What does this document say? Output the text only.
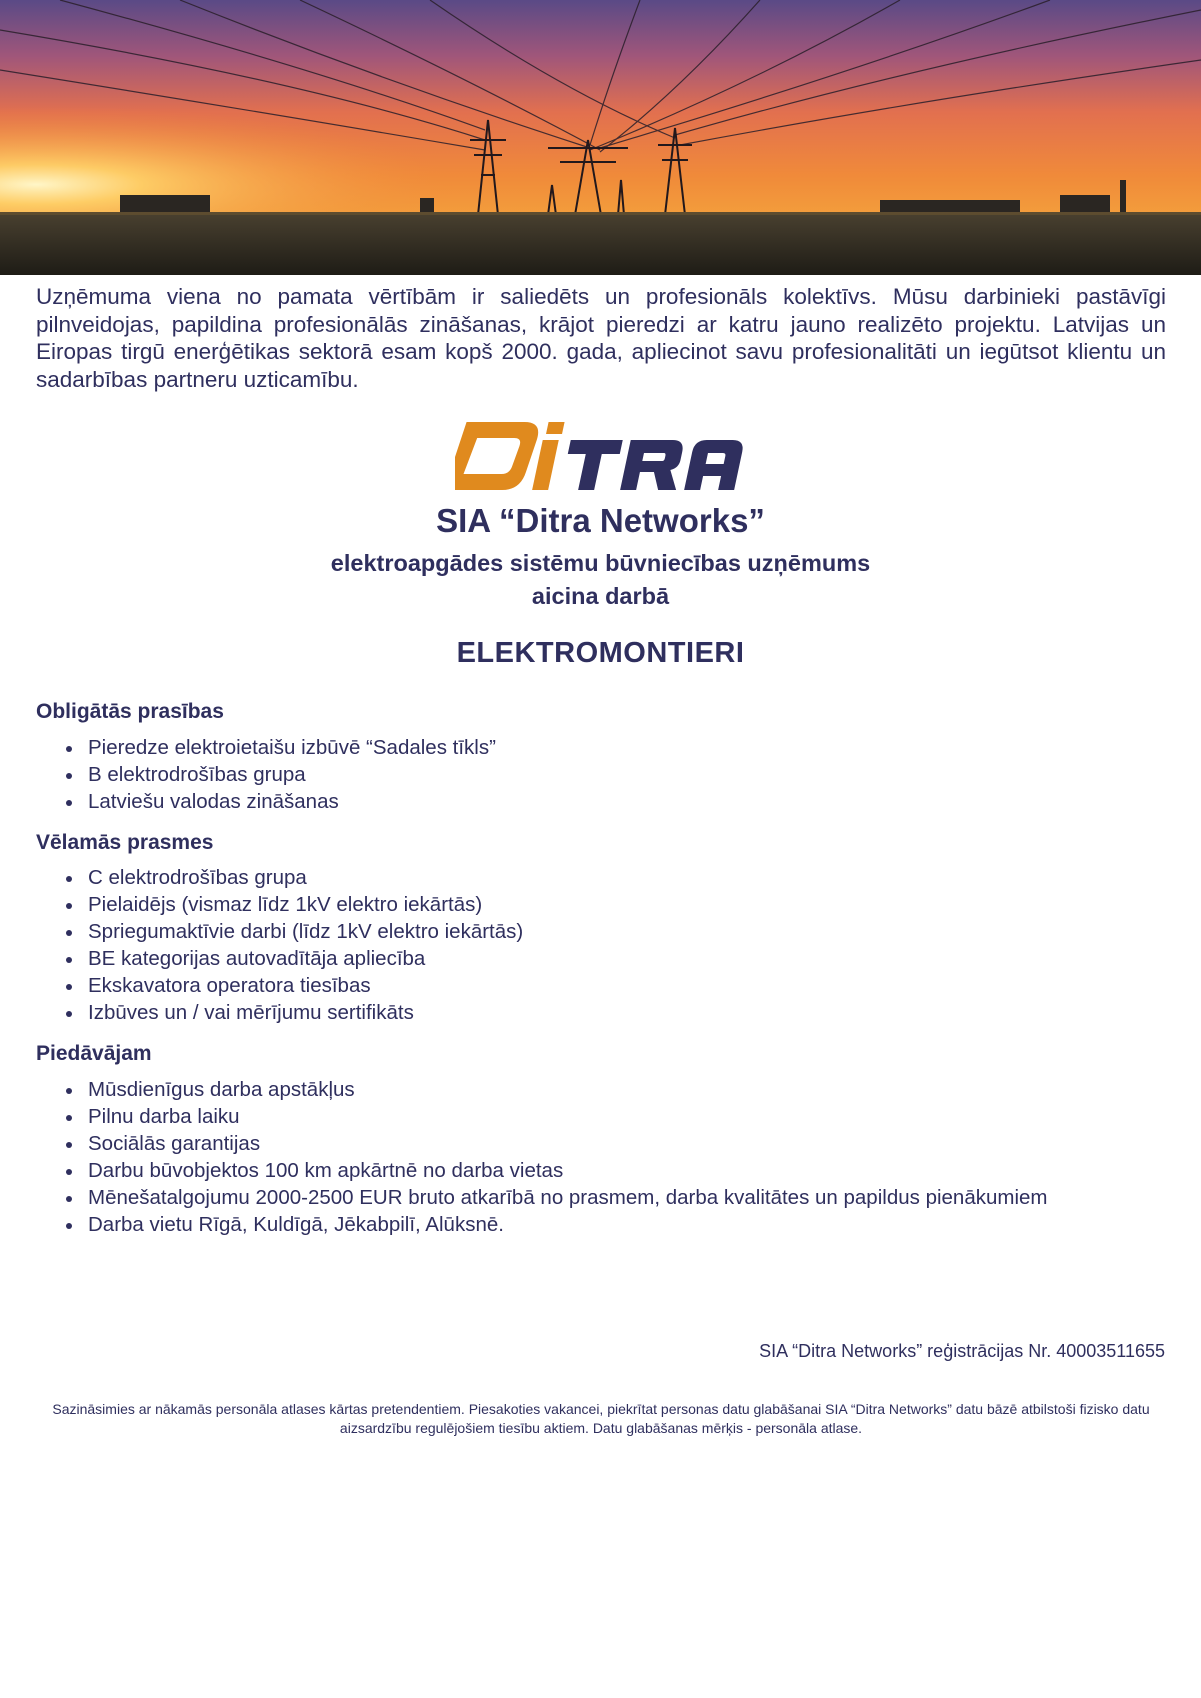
Uzņēmuma viena no pamata vērtībām ir saliedēts un profesionāls kolektīvs. Mūsu darbinieki pastāvīgi pilnveidojas, papildina profesionālās zināšanas, krājot pieredzi ar katru jauno realizēto projektu. Latvijas un Eiropas tirgū enerģētikas sektorā esam kopš 2000. gada, apliecinot savu profesionalitāti un iegūtsot klientu un sadarbības partneru uzticamību.
SIA “Ditra Networks”
elektroapgādes sistēmu būvniecības uzņēmums
aicina darbā
ELEKTROMONTIERI
Obligātās prasības
Pieredze elektroietaišu izbūvē “Sadales tīkls”
B elektrodrošības grupa
Latviešu valodas zināšanas
Vēlamās prasmes
C elektrodrošības grupa
Pielaidējs (vismaz līdz 1kV elektro iekārtās)
Spriegumaktīvie darbi (līdz 1kV elektro iekārtās)
BE kategorijas autovadītāja apliecība
Ekskavatora operatora tiesības
Izbūves un / vai mērījumu sertifikāts
Piedāvājam
Mūsdienīgus darba apstākļus
Pilnu darba laiku
Sociālās garantijas
Darbu būvobjektos 100 km apkārtnē no darba vietas
Mēnešatalgojumu 2000-2500 EUR bruto atkarībā no prasmem, darba kvalitātes un papildus pienākumiem
Darba vietu Rīgā, Kuldīgā, Jēkabpilī, Alūksnē.
SIA “Ditra Networks” reģistrācijas Nr. 40003511655
Sazināsimies ar nākamās personāla atlases kārtas pretendentiem. Piesakoties vakancei, piekrītat personas datu glabāšanai SIA “Ditra Networks” datu bāzē atbilstoši fizisko datu aizsardzību regulējošiem tiesību aktiem. Datu glabāšanas mērķis - personāla atlase.
